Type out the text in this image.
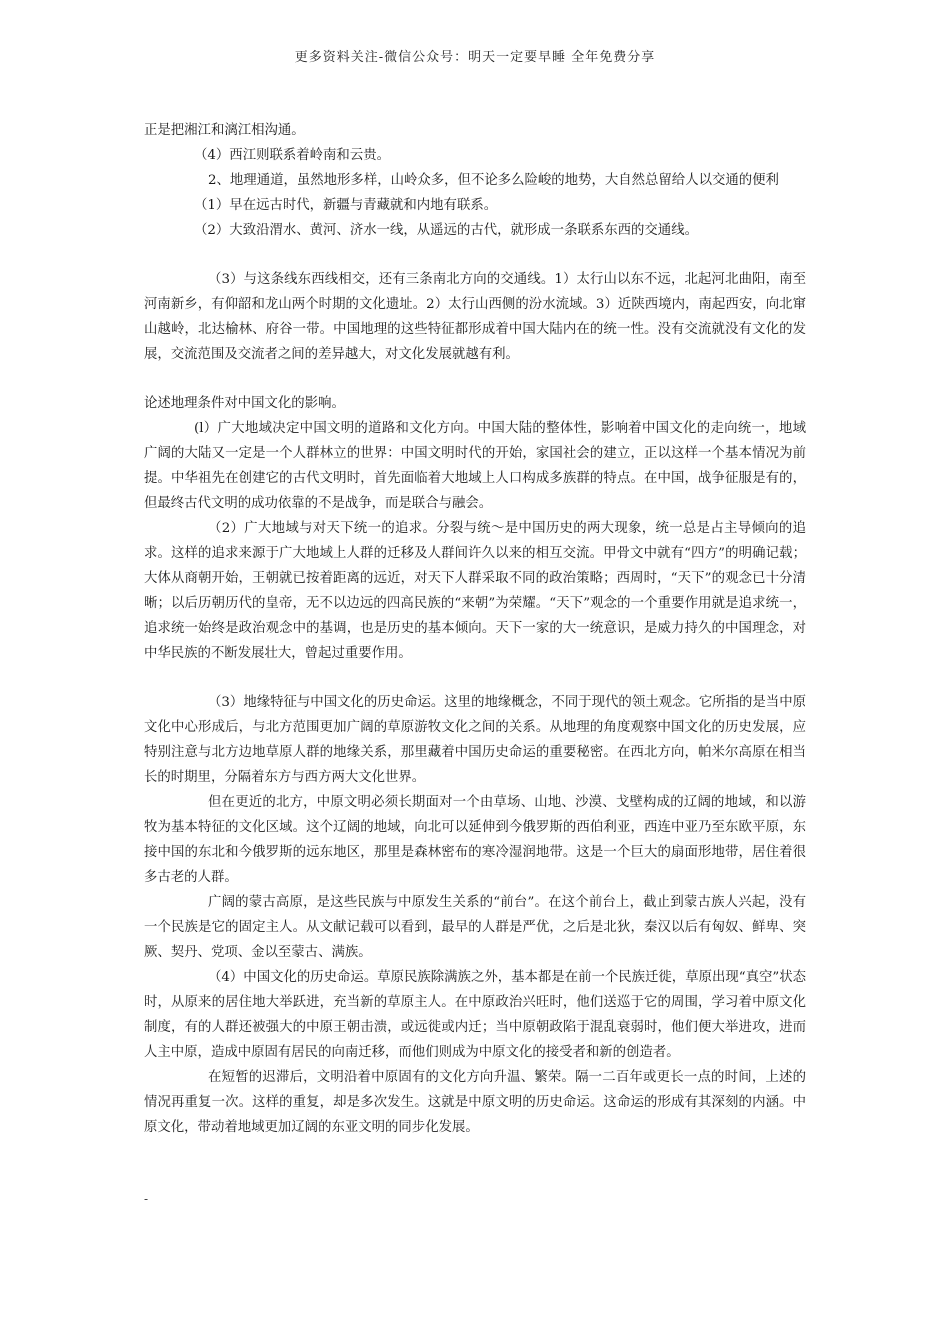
更多资料关注-微信公众号：明天一定要早睡 全年免费分享

正是把湘江和漓江相沟通。

（4）西江则联系着岭南和云贵。

2、地理通道，虽然地形多样，山岭众多，但不论多么险峻的地势，大自然总留给人以交通的便利

（1）早在远古时代，新疆与青藏就和内地有联系。

（2）大致沿渭水、黄河、济水一线，从遥远的古代，就形成一条联系东西的交通线。

（3）与这条线东西线相交，还有三条南北方向的交通线。1）太行山以东不远，北起河北曲阳，南至河南新乡，有仰韶和龙山两个时期的文化遗址。2）太行山西侧的汾水流域。3）近陕西境内，南起西安，向北窜山越岭，北达榆林、府谷一带。中国地理的这些特征都形成着中国大陆内在的统一性。没有交流就没有文化的发展，交流范围及交流者之间的差异越大，对文化发展就越有利。

论述地理条件对中国文化的影响。

(l）广大地域决定中国文明的道路和文化方向。中国大陆的整体性，影响着中国文化的走向统一，地域广阔的大陆又一定是一个人群林立的世界：中国文明时代的开始，家国社会的建立，正以这样一个基本情况为前提。中华祖先在创建它的古代文明时，首先面临着大地域上人口构成多族群的特点。在中国，战争征服是有的，但最终古代文明的成功依靠的不是战争，而是联合与融会。

（2）广大地域与对天下统一的追求。分裂与统～是中国历史的两大现象，统一总是占主导倾向的追求。这样的追求来源于广大地域上人群的迁移及人群间许久以来的相互交流。甲骨文中就有“四方”的明确记载；大体从商朝开始，王朝就已按着距离的远近，对天下人群采取不同的政治策略；西周时，“天下”的观念已十分清晰；以后历朝历代的皇帝，无不以边远的四高民族的“来朝”为荣耀。“天下”观念的一个重要作用就是追求统一，追求统一始终是政治观念中的基调，也是历史的基本倾向。天下一家的大一统意识，是威力持久的中国理念，对中华民族的不断发展壮大，曾起过重要作用。

（3）地缘特征与中国文化的历史命运。这里的地缘概念，不同于现代的领土观念。它所指的是当中原文化中心形成后，与北方范围更加广阔的草原游牧文化之间的关系。从地理的角度观察中国文化的历史发展，应特别注意与北方边地草原人群的地缘关系，那里藏着中国历史命运的重要秘密。在西北方向，帕米尔高原在相当长的时期里，分隔着东方与西方两大文化世界。

但在更近的北方，中原文明必须长期面对一个由草场、山地、沙漠、戈壁构成的辽阔的地域，和以游牧为基本特征的文化区域。这个辽阔的地域，向北可以延伸到今俄罗斯的西伯利亚，西连中亚乃至东欧平原，东接中国的东北和今俄罗斯的远东地区，那里是森林密布的寒冷湿润地带。这是一个巨大的扇面形地带，居住着很多古老的人群。

广阔的蒙古高原，是这些民族与中原发生关系的“前台”。在这个前台上，截止到蒙古族人兴起，没有一个民族是它的固定主人。从文献记载可以看到，最早的人群是严优，之后是北狄，秦汉以后有匈奴、鲜卑、突厥、契丹、党项、金以至蒙古、满族。

（4）中国文化的历史命运。草原民族除满族之外，基本都是在前一个民族迁徙，草原出现“真空”状态时，从原来的居住地大举跃进，充当新的草原主人。在中原政治兴旺时，他们送巡于它的周围，学习着中原文化制度，有的人群还被强大的中原王朝击溃，或远徙或内迁；当中原朝政陷于混乱衰弱时，他们便大举进攻，进而人主中原，造成中原固有居民的向南迁移，而他们则成为中原文化的接受者和新的创造者。

在短暂的迟滞后，文明沿着中原固有的文化方向升温、繁荣。隔一二百年或更长一点的时间，上述的情况再重复一次。这样的重复，却是多次发生。这就是中原文明的历史命运。这命运的形成有其深刻的内涵。中原文化，带动着地域更加辽阔的东亚文明的同步化发展。

-
